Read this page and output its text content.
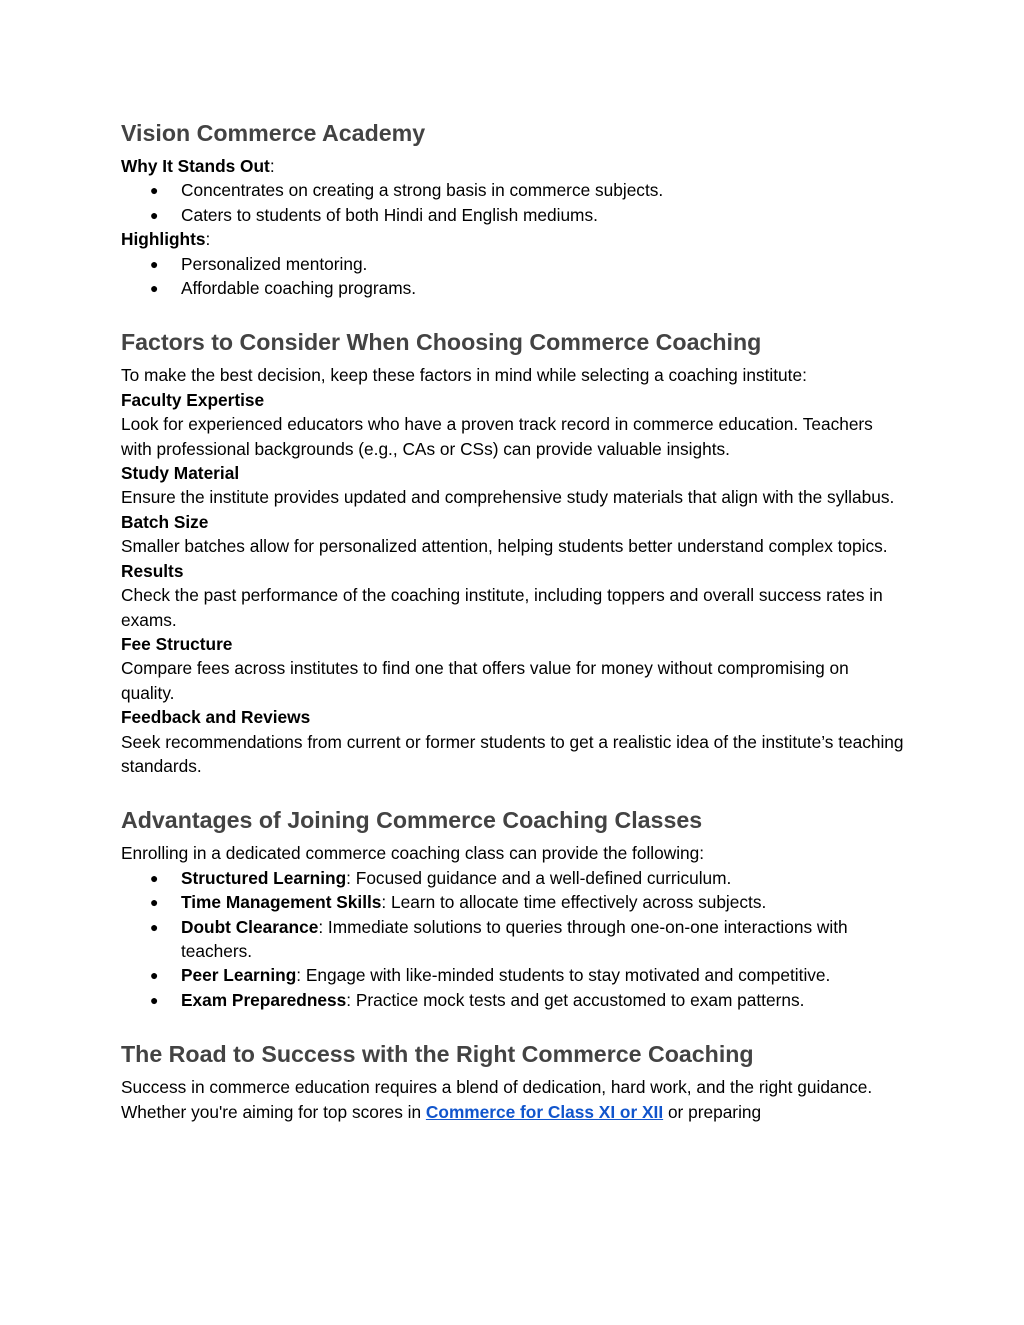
Vision Commerce Academy

Why It Stands Out:

● Concentrates on creating a strong basis in commerce subjects.
● Caters to students of both Hindi and English mediums.

Highlights:

● Personalized mentoring.
● Affordable coaching programs.
Factors to Consider When Choosing Commerce Coaching

To make the best decision, keep these factors in mind while selecting a coaching institute:

Faculty Expertise

Look for experienced educators who have a proven track record in commerce education. Teachers with professional backgrounds (e.g., CAs or CSs) can provide valuable insights.

Study Material

Ensure the institute provides updated and comprehensive study materials that align with the syllabus.

Batch Size

Smaller batches allow for personalized attention, helping students better understand complex topics.

Results

Check the past performance of the coaching institute, including toppers and overall success rates in exams.

Fee Structure

Compare fees across institutes to find one that offers value for money without compromising on quality.

Feedback and Reviews

Seek recommendations from current or former students to get a realistic idea of the institute’s teaching standards.

Advantages of Joining Commerce Coaching Classes

Enrolling in a dedicated commerce coaching class can provide the following:

● Structured Learning: Focused guidance and a well-defined curriculum.
● Time Management Skills: Learn to allocate time effectively across subjects.
● Doubt Clearance: Immediate solutions to queries through one-on-one interactions with teachers.
● Peer Learning: Engage with like-minded students to stay motivated and competitive.
● Exam Preparedness: Practice mock tests and get accustomed to exam patterns.
The Road to Success with the Right Commerce Coaching

Success in commerce education requires a blend of dedication, hard work, and the right guidance. Whether you're aiming for top scores in Commerce for Class XI or XII or preparing
